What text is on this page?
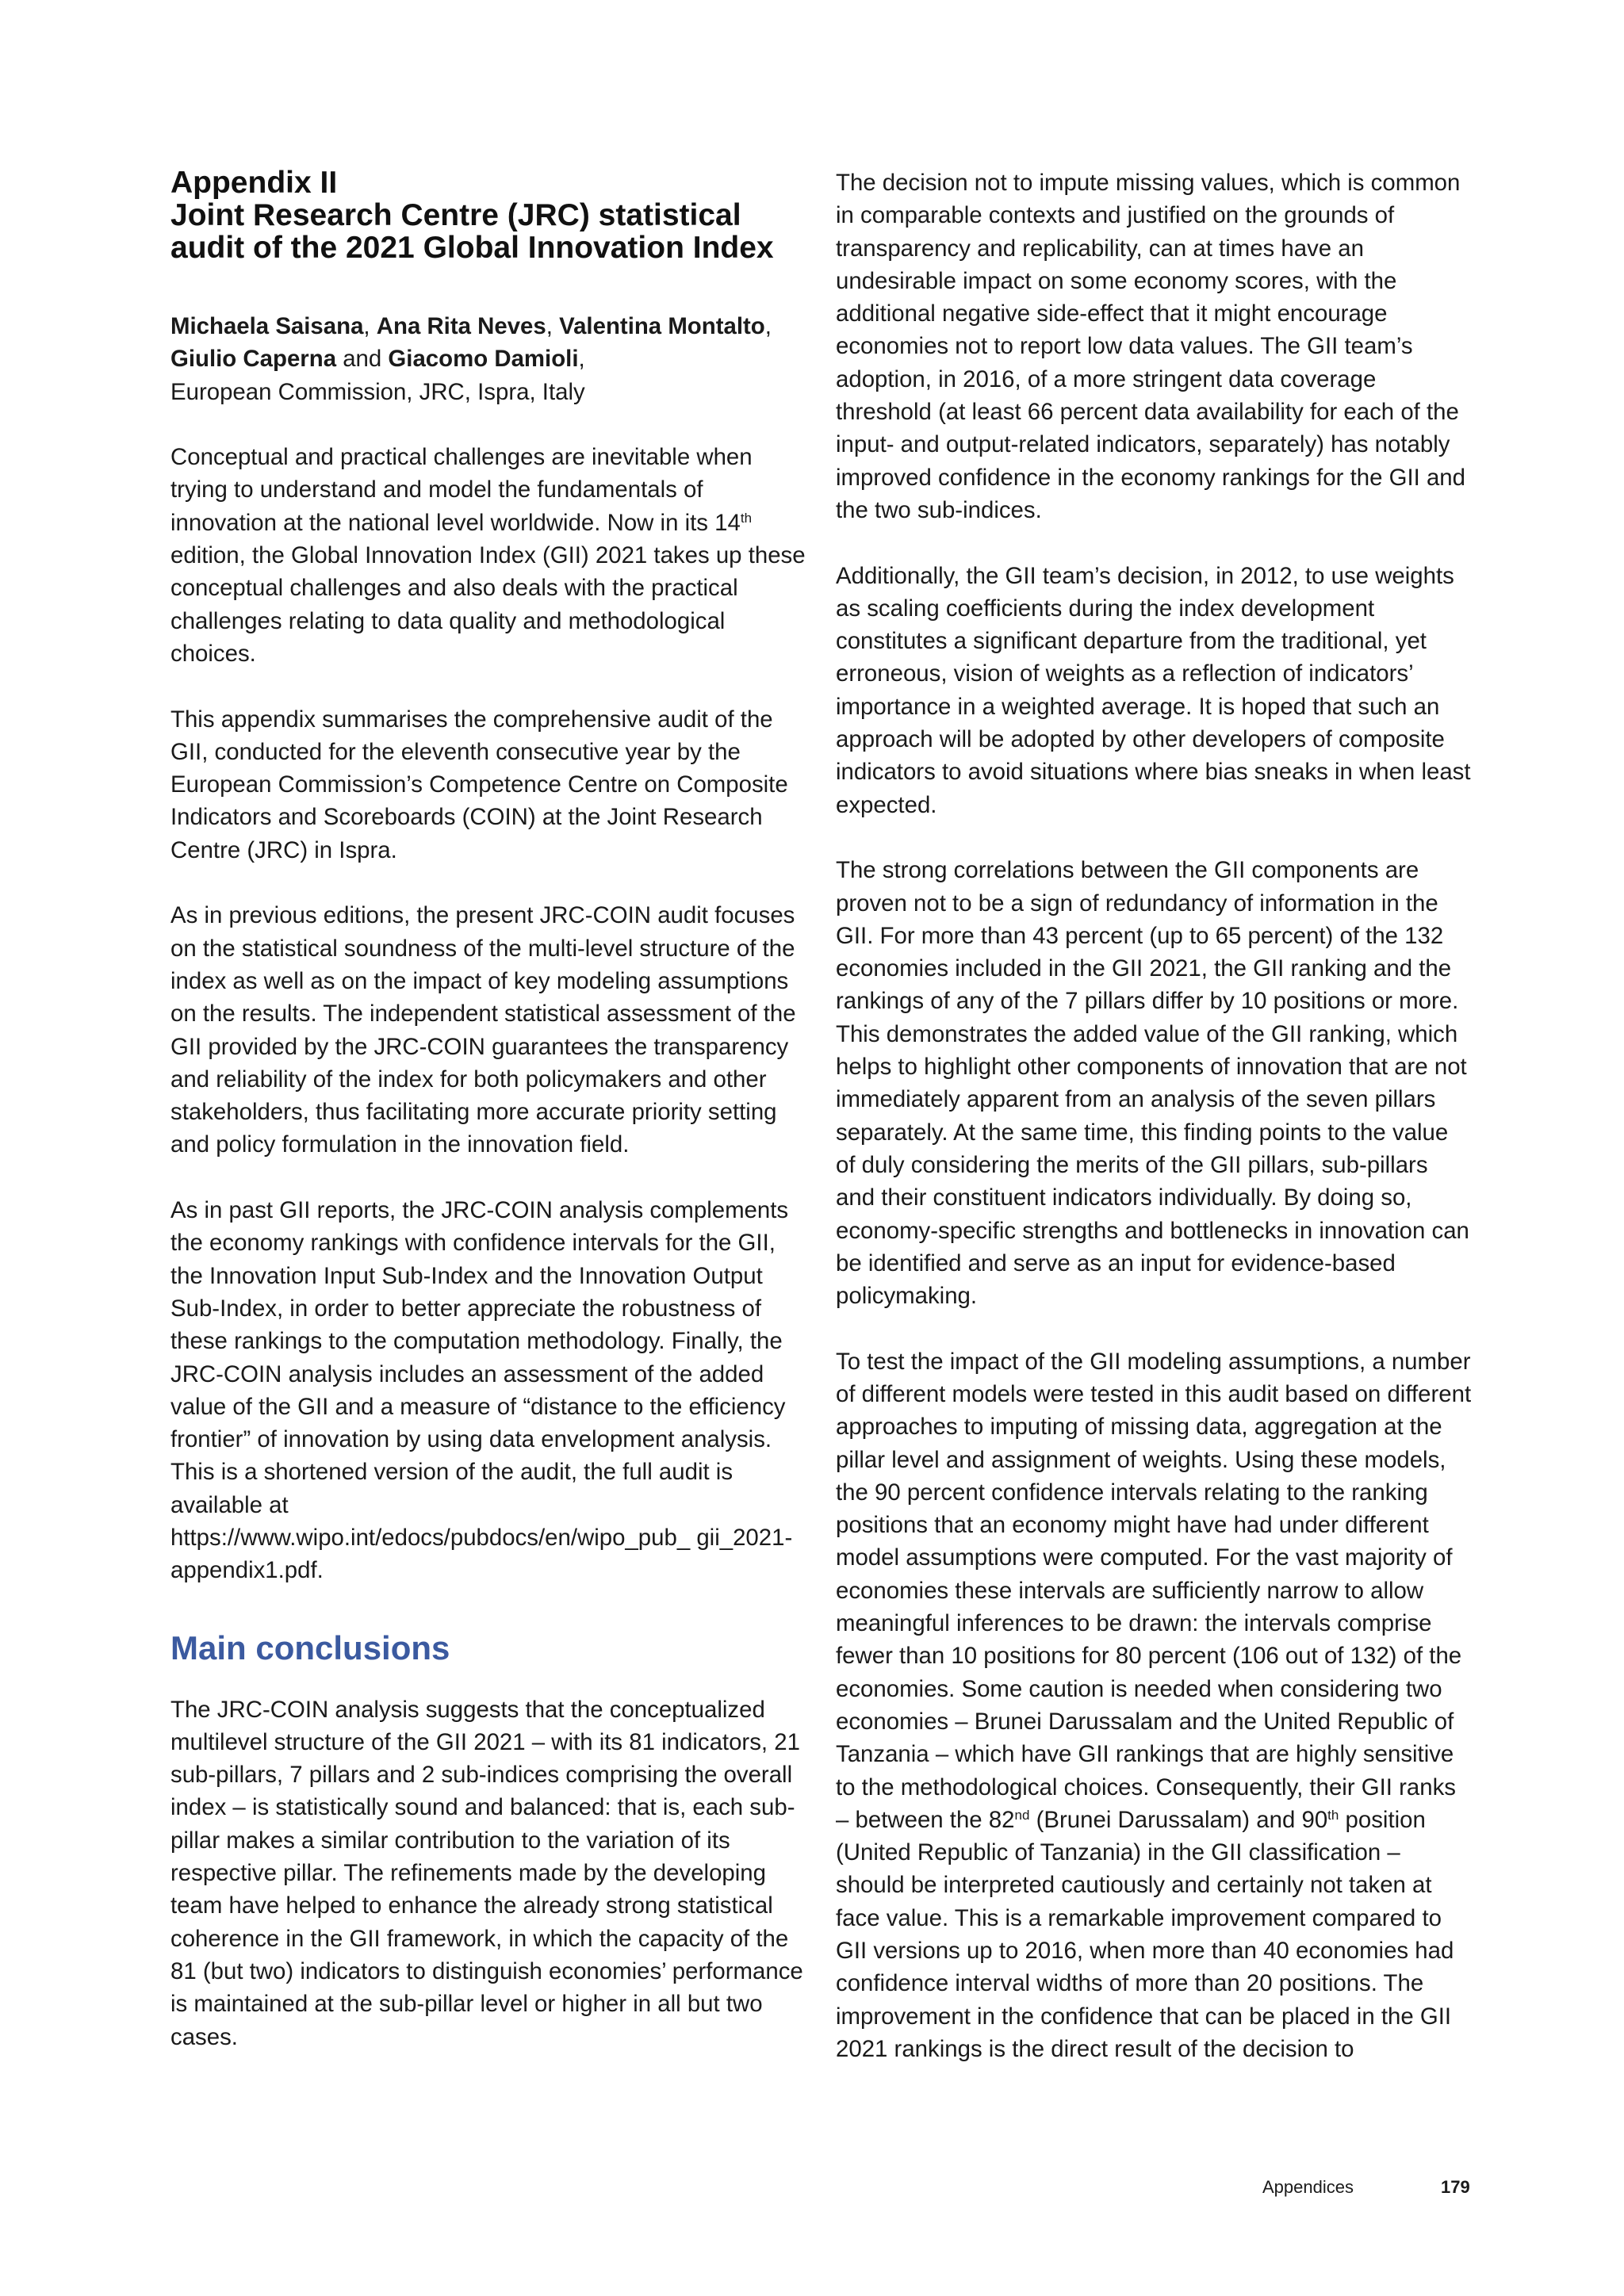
Appendix II
Joint Research Centre (JRC) statistical
audit of the 2021 Global Innovation Index

Michaela Saisana, Ana Rita Neves, Valentina Montalto, Giulio Caperna and Giacomo Damioli,
European Commission, JRC, Ispra, Italy

Conceptual and practical challenges are inevitable when trying to understand and model the fundamentals of innovation at the national level worldwide. Now in its 14th edition, the Global Innovation Index (GII) 2021 takes up these conceptual challenges and also deals with the practical challenges relating to data quality and methodological choices.

This appendix summarises the comprehensive audit of the GII, conducted for the eleventh consecutive year by the European Commission’s Competence Centre on Composite Indicators and Scoreboards (COIN) at the Joint Research Centre (JRC) in Ispra.

As in previous editions, the present JRC-COIN audit focuses on the statistical soundness of the multi-level structure of the index as well as on the impact of key modeling assumptions on the results. The independent statistical assessment of the GII provided by the JRC-COIN guarantees the transparency and reliability of the index for both policymakers and other stakeholders, thus facilitating more accurate priority setting and policy formulation in the innovation field.

As in past GII reports, the JRC-COIN analysis complements the economy rankings with confidence intervals for the GII, the Innovation Input Sub-Index and the Innovation Output Sub-Index, in order to better appreciate the robustness of these rankings to the computation methodology. Finally, the JRC-COIN analysis includes an assessment of the added value of the GII and a measure of “distance to the efficiency frontier” of innovation by using data envelopment analysis. This is a shortened version of the audit, the full audit is available at https://www.wipo.int/edocs/pubdocs/en/wipo_pub_ gii_2021-appendix1.pdf.

Main conclusions

The JRC-COIN analysis suggests that the conceptualized multilevel structure of the GII 2021 – with its 81 indicators, 21 sub-pillars, 7 pillars and 2 sub-indices comprising the overall index – is statistically sound and balanced: that is, each sub-pillar makes a similar contribution to the variation of its respective pillar. The refinements made by the developing team have helped to enhance the already strong statistical coherence in the GII framework, in which the capacity of the 81 (but two) indicators to distinguish economies’ performance is maintained at the sub-pillar level or higher in all but two cases.

The decision not to impute missing values, which is common in comparable contexts and justified on the grounds of transparency and replicability, can at times have an undesirable impact on some economy scores, with the additional negative side-effect that it might encourage economies not to report low data values. The GII team’s adoption, in 2016, of a more stringent data coverage threshold (at least 66 percent data availability for each of the input- and output-related indicators, separately) has notably improved confidence in the economy rankings for the GII and the two sub-indices.

Additionally, the GII team’s decision, in 2012, to use weights as scaling coefficients during the index development constitutes a significant departure from the traditional, yet erroneous, vision of weights as a reflection of indicators’ importance in a weighted average. It is hoped that such an approach will be adopted by other developers of composite indicators to avoid situations where bias sneaks in when least expected.

The strong correlations between the GII components are proven not to be a sign of redundancy of information in the GII. For more than 43 percent (up to 65 percent) of the 132 economies included in the GII 2021, the GII ranking and the rankings of any of the 7 pillars differ by 10 positions or more. This demonstrates the added value of the GII ranking, which helps to highlight other components of innovation that are not immediately apparent from an analysis of the seven pillars separately. At the same time, this finding points to the value of duly considering the merits of the GII pillars, sub-pillars and their constituent indicators individually. By doing so, economy-specific strengths and bottlenecks in innovation can be identified and serve as an input for evidence-based policymaking.

To test the impact of the GII modeling assumptions, a number of different models were tested in this audit based on different approaches to imputing of missing data, aggregation at the pillar level and assignment of weights. Using these models, the 90 percent confidence intervals relating to the ranking positions that an economy might have had under different model assumptions were computed. For the vast majority of economies these intervals are sufficiently narrow to allow meaningful inferences to be drawn: the intervals comprise fewer than 10 positions for 80 percent (106 out of 132) of the economies. Some caution is needed when considering two economies – Brunei Darussalam and the United Republic of Tanzania – which have GII rankings that are highly sensitive to the methodological choices. Consequently, their GII ranks – between the 82nd (Brunei Darussalam) and 90th position (United Republic of Tanzania) in the GII classification – should be interpreted cautiously and certainly not taken at face value. This is a remarkable improvement compared to GII versions up to 2016, when more than 40 economies had confidence interval widths of more than 20 positions. The improvement in the confidence that can be placed in the GII 2021 rankings is the direct result of the decision to

Appendices	179
